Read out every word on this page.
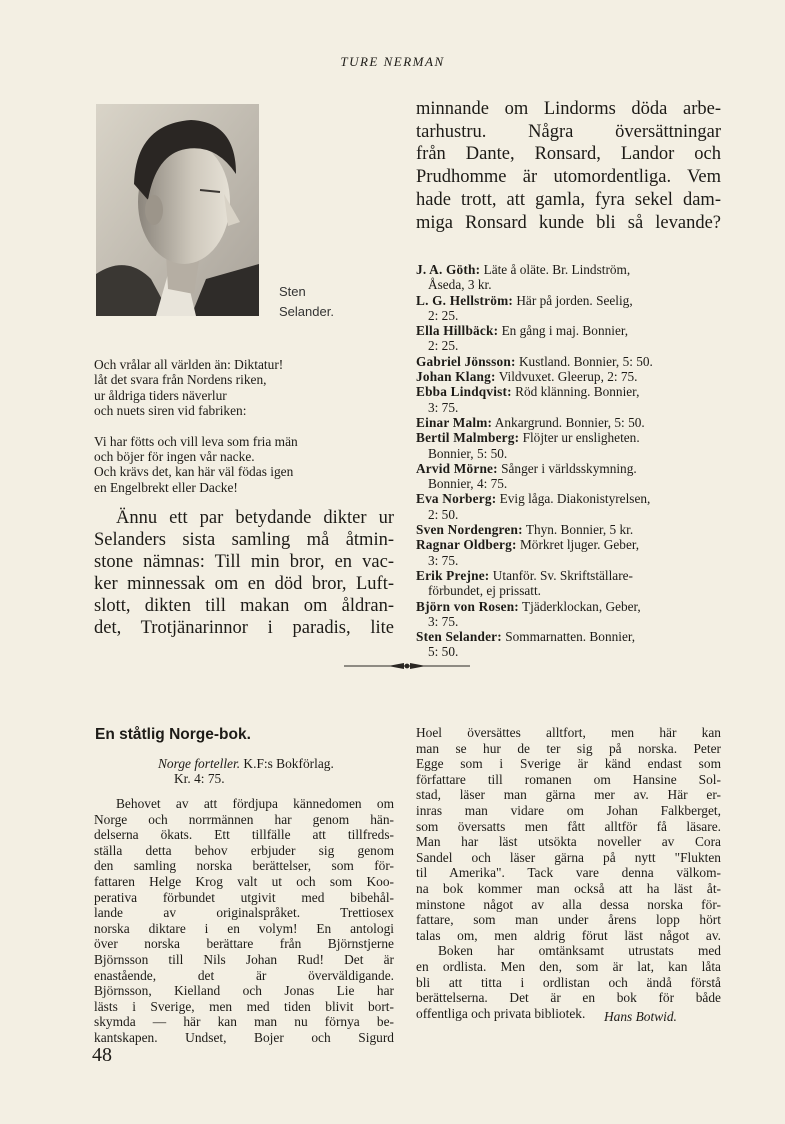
TURE NERMAN
Sten
Selander.
minnande om Lindorms döda arbe-
tarhustru. Några översättningar
från Dante, Ronsard, Landor och
Prudhomme är utomordentliga. Vem
hade trott, att gamla, fyra sekel dam-
miga Ronsard kunde bli så levande?
Och vrålar all världen än: Diktatur!
låt det svara från Nordens riken,
ur åldriga tiders näverlur
och nuets siren vid fabriken:
Vi har fötts och vill leva som fria män
och böjer för ingen vår nacke.
Och krävs det, kan här väl födas igen
en Engelbrekt eller Dacke!
Ännu ett par betydande dikter ur
Selanders sista samling må åtmin-
stone nämnas: Till min bror, en vac-
ker minnessak om en död bror, Luft-
slott, dikten till makan om åldran-
det, Trotjänarinnor i paradis, lite
J. A. Göth: Läte å oläte. Br. Lindström,
Åseda, 3 kr.
L. G. Hellström: Här på jorden. Seelig,
2: 25.
Ella Hillbäck: En gång i maj. Bonnier,
2: 25.
Gabriel Jönsson: Kustland. Bonnier, 5: 50.
Johan Klang: Vildvuxet. Gleerup, 2: 75.
Ebba Lindqvist: Röd klänning. Bonnier,
3: 75.
Einar Malm: Ankargrund. Bonnier, 5: 50.
Bertil Malmberg: Flöjter ur ensligheten.
Bonnier, 5: 50.
Arvid Mörne: Sånger i världsskymning.
Bonnier, 4: 75.
Eva Norberg: Evig låga. Diakonistyrelsen,
2: 50.
Sven Nordengren: Thyn. Bonnier, 5 kr.
Ragnar Oldberg: Mörkret ljuger. Geber,
3: 75.
Erik Prejne: Utanför. Sv. Skriftställare-
förbundet, ej prissatt.
Björn von Rosen: Tjäderklockan, Geber,
3: 75.
Sten Selander: Sommarnatten. Bonnier,
5: 50.
En ståtlig Norge-bok.
Norge forteller. K.F:s Bokförlag.
Kr. 4: 75.
Behovet av att fördjupa kännedomen om
Norge och norrmännen har genom hän-
delserna ökats. Ett tillfälle att tillfreds-
ställa detta behov erbjuder sig genom
den samling norska berättelser, som för-
fattaren Helge Krog valt ut och som Koo-
perativa förbundet utgivit med bibehål-
lande av originalspråket. Trettiosex
norska diktare i en volym! En antologi
över norska berättare från Björnstjerne
Björnsson till Nils Johan Rud! Det är
enastående, det är överväldigande.
Björnsson, Kielland och Jonas Lie har
lästs i Sverige, men med tiden blivit bort-
skymda — här kan man nu förnya be-
kantskapen. Undset, Bojer och Sigurd
Hoel översättes alltfort, men här kan
man se hur de ter sig på norska. Peter
Egge som i Sverige är känd endast som
författare till romanen om Hansine Sol-
stad, läser man gärna mer av. Här er-
inras man vidare om Johan Falkberget,
som översatts men fått alltför få läsare.
Man har läst utsökta noveller av Cora
Sandel och läser gärna på nytt "Flukten
til Amerika". Tack vare denna välkom-
na bok kommer man också att ha läst åt-
minstone något av alla dessa norska för-
fattare, som man under årens lopp hört
talas om, men aldrig förut läst något av.
Boken har omtänksamt utrustats med
en ordlista. Men den, som är lat, kan låta
bli att titta i ordlistan och ändå förstå
berättelserna. Det är en bok för både
offentliga och privata bibliotek.	Hans Botwid.
48
